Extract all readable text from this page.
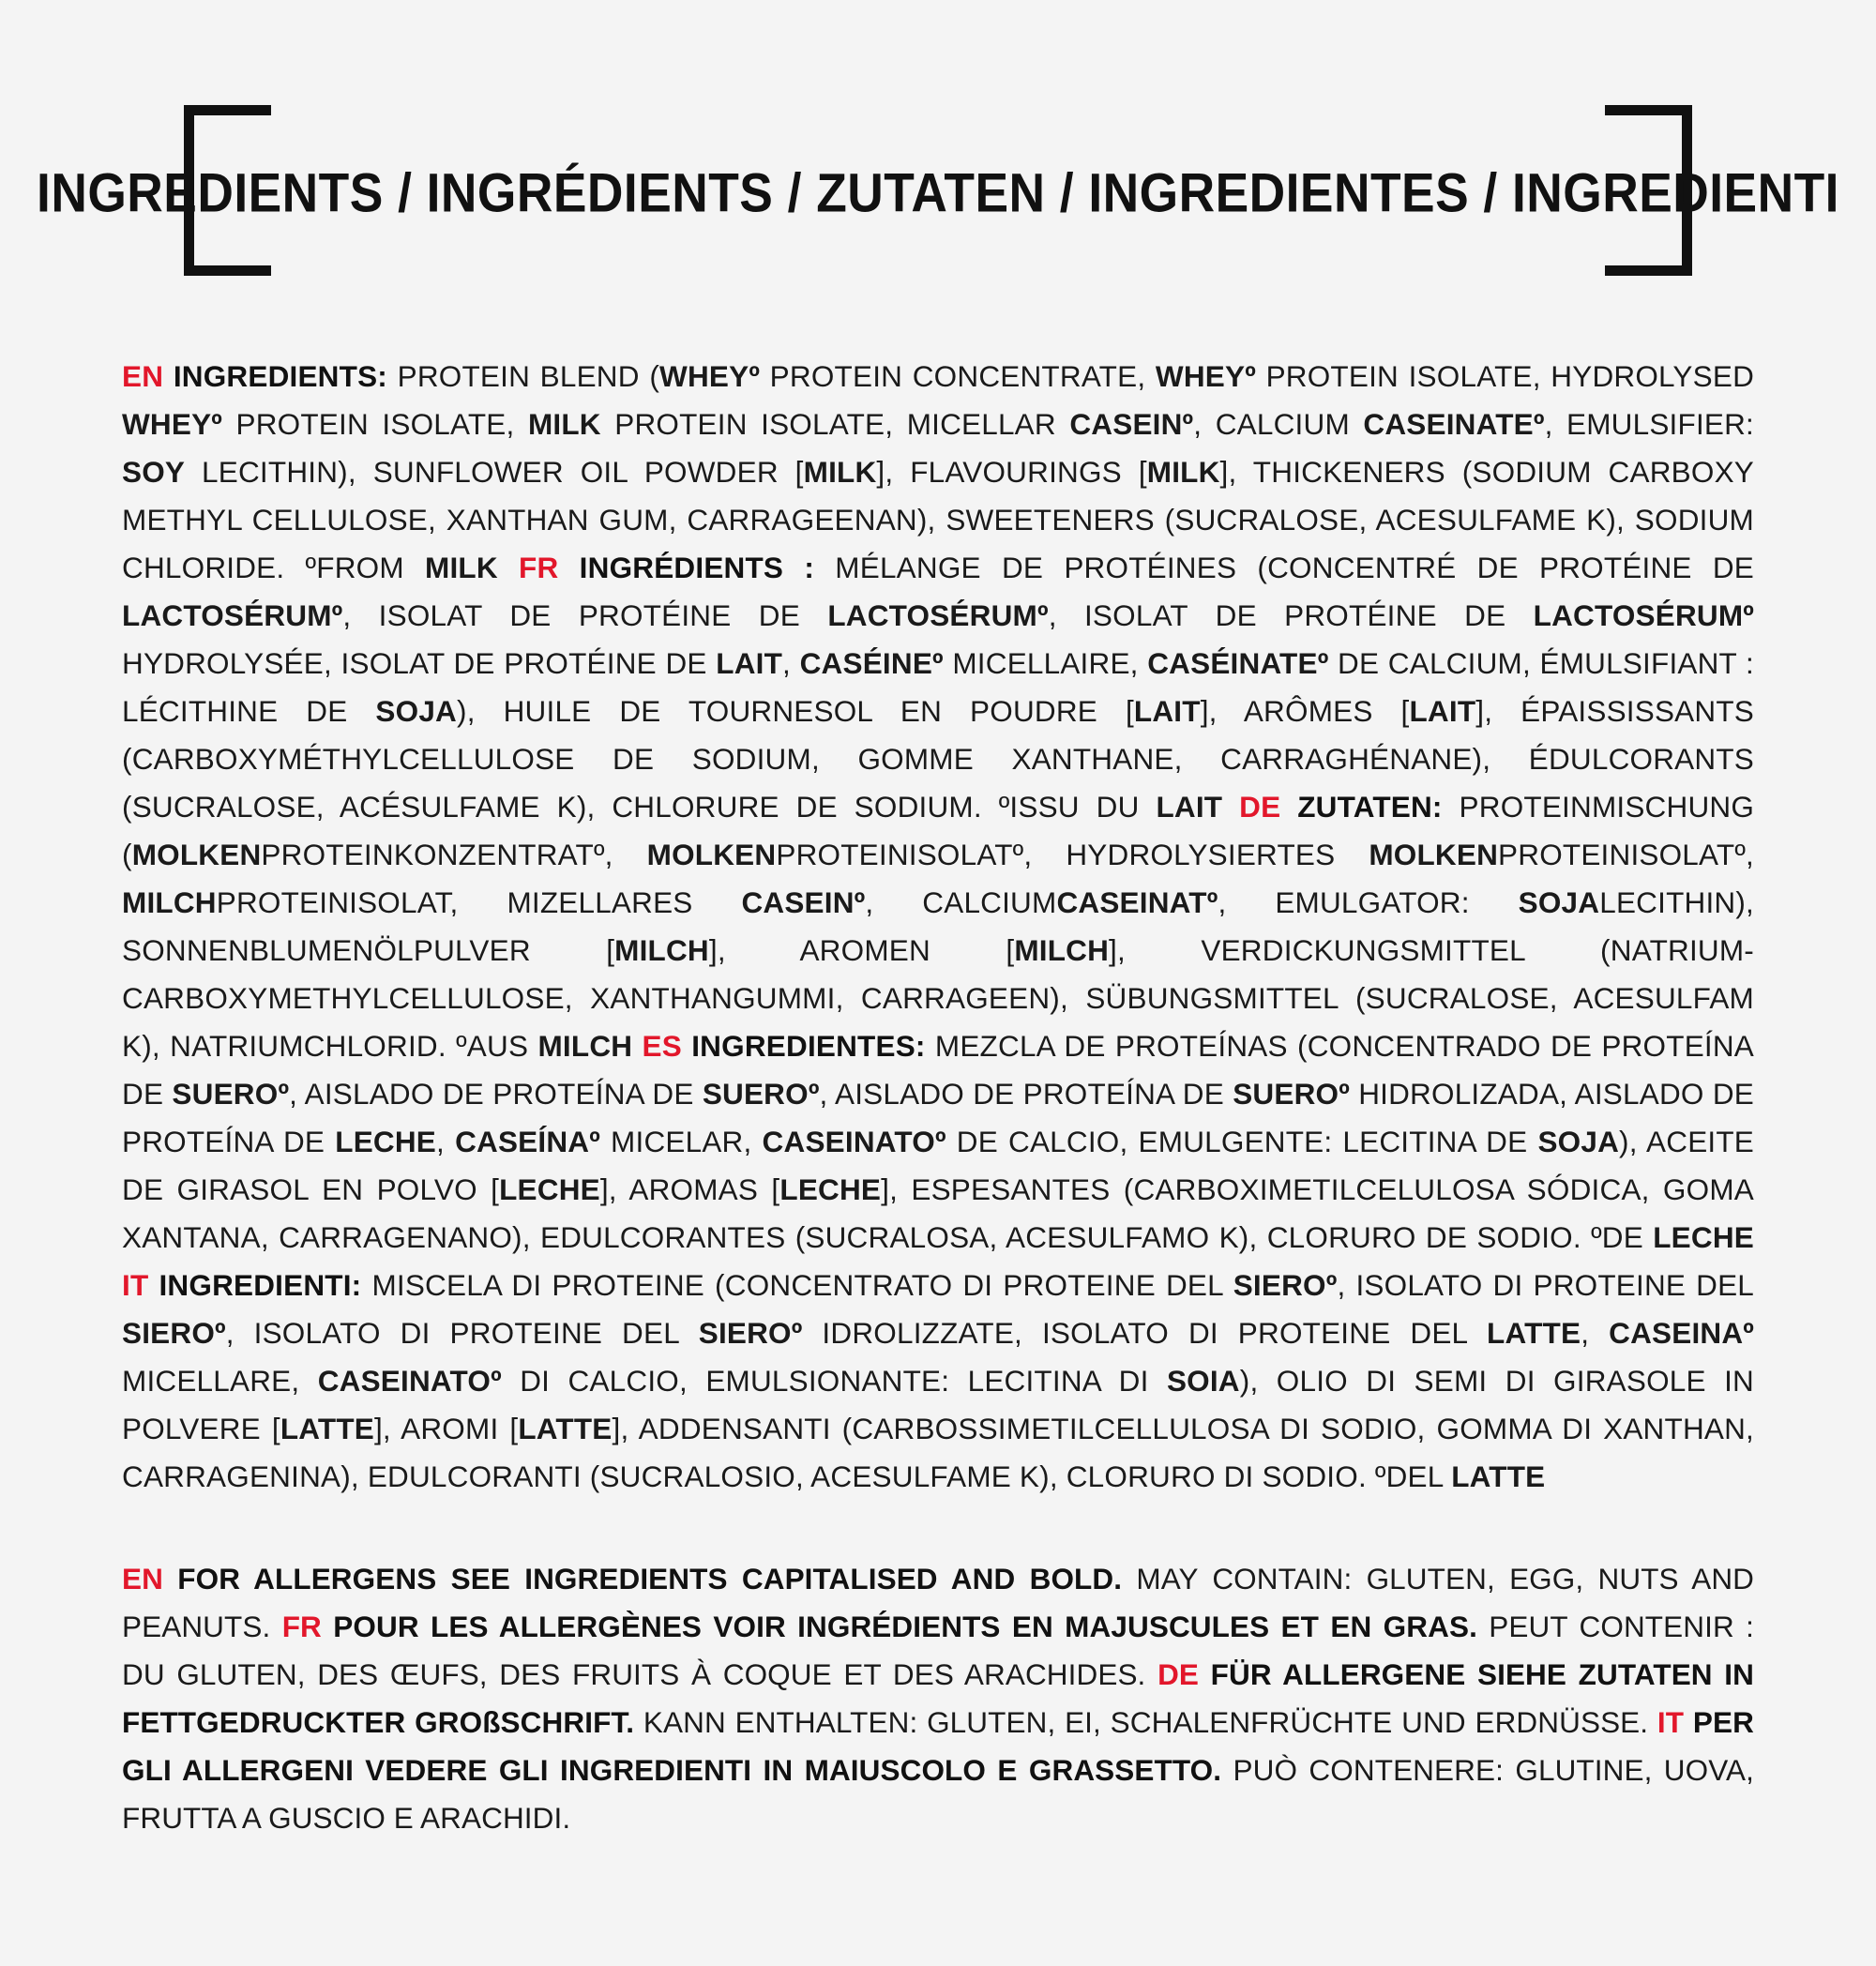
INGREDIENTS / INGRÉDIENTS / ZUTATEN / INGREDIENTES / INGREDIENTI

EN INGREDIENTS: PROTEIN BLEND (WHEYº PROTEIN CONCENTRATE, WHEYº PROTEIN ISOLATE, HYDROLYSED WHEYº PROTEIN ISOLATE, MILK PROTEIN ISOLATE, MICELLAR CASEINº, CALCIUM CASEINATEº, EMULSIFIER: SOY LECITHIN), SUNFLOWER OIL POWDER [MILK], FLAVOURINGS [MILK], THICKENERS (SODIUM CARBOXY METHYL CELLULOSE, XANTHAN GUM, CARRAGEENAN), SWEETENERS (SUCRALOSE, ACESULFAME K), SODIUM CHLORIDE. ºFROM MILK FR INGRÉDIENTS : MÉLANGE DE PROTÉINES (CONCENTRÉ DE PROTÉINE DE LACTOSÉRUMº, ISOLAT DE PROTÉINE DE LACTOSÉRUMº, ISOLAT DE PROTÉINE DE LACTOSÉRUMº HYDROLYSÉE, ISOLAT DE PROTÉINE DE LAIT, CASÉINEº MICELLAIRE, CASÉINATEº DE CALCIUM, ÉMULSIFIANT : LÉCITHINE DE SOJA), HUILE DE TOURNESOL EN POUDRE [LAIT], ARÔMES [LAIT], ÉPAISSISSANTS (CARBOXYMÉTHYLCELLULOSE DE SODIUM, GOMME XANTHANE, CARRAGHÉNANE), ÉDULCORANTS (SUCRALOSE, ACÉSULFAME K), CHLORURE DE SODIUM. ºISSU DU LAIT DE ZUTATEN: PROTEINMISCHUNG (MOLKENPROTEINKONZENTRATº, MOLKENPROTEINISOLATº, HYDROLYSIERTES MOLKENPROTEINISOLATº, MILCHPROTEINISOLAT, MIZELLARES CASEINº, CALCIUMCASEINATº, EMULGATOR: SOJALECITHIN), SONNENBLUMENÖLPULVER [MILCH], AROMEN [MILCH], VERDICKUNGSMITTEL (NATRIUM-CARBOXYMETHYLCELLULOSE, XANTHANGUMMI, CARRAGEEN), SÜBUNGSMITTEL (SUCRALOSE, ACESULFAM K), NATRIUMCHLORID. ºAUS MILCH ES INGREDIENTES: MEZCLA DE PROTEÍNAS (CONCENTRADO DE PROTEÍNA DE SUEROº, AISLADO DE PROTEÍNA DE SUEROº, AISLADO DE PROTEÍNA DE SUEROº HIDROLIZADA, AISLADO DE PROTEÍNA DE LECHE, CASEÍNAº MICELAR, CASEINATOº DE CALCIO, EMULGENTE: LECITINA DE SOJA), ACEITE DE GIRASOL EN POLVO [LECHE], AROMAS [LECHE], ESPESANTES (CARBOXIMETILCELULOSA SÓDICA, GOMA XANTANA, CARRAGENANO), EDULCORANTES (SUCRALOSA, ACESULFAMO K), CLORURO DE SODIO. ºDE LECHE IT INGREDIENTI: MISCELA DI PROTEINE (CONCENTRATO DI PROTEINE DEL SIEROº, ISOLATO DI PROTEINE DEL SIEROº, ISOLATO DI PROTEINE DEL SIEROº IDROLIZZATE, ISOLATO DI PROTEINE DEL LATTE, CASEINAº MICELLARE, CASEINATOº DI CALCIO, EMULSIONANTE: LECITINA DI SOIA), OLIO DI SEMI DI GIRASOLE IN POLVERE [LATTE], AROMI [LATTE], ADDENSANTI (CARBOSSIMETILCELLULOSA DI SODIO, GOMMA DI XANTHAN, CARRAGENINA), EDULCORANTI (SUCRALOSIO, ACESULFAME K), CLORURO DI SODIO. ºDEL LATTE

EN FOR ALLERGENS SEE INGREDIENTS CAPITALISED AND BOLD. MAY CONTAIN: GLUTEN, EGG, NUTS AND PEANUTS. FR POUR LES ALLERGÈNES VOIR INGRÉDIENTS EN MAJUSCULES ET EN GRAS. PEUT CONTENIR : DU GLUTEN, DES ŒUFS, DES FRUITS À COQUE ET DES ARACHIDES. DE FÜR ALLERGENE SIEHE ZUTATEN IN FETTGEDRUCKTER GROßSCHRIFT. KANN ENTHALTEN: GLUTEN, EI, SCHALENFRÜCHTE UND ERDNÜSSE. IT PER GLI ALLERGENI VEDERE GLI INGREDIENTI IN MAIUSCOLO E GRASSETTO. PUÒ CONTENERE: GLUTINE, UOVA, FRUTTA A GUSCIO E ARACHIDI.
